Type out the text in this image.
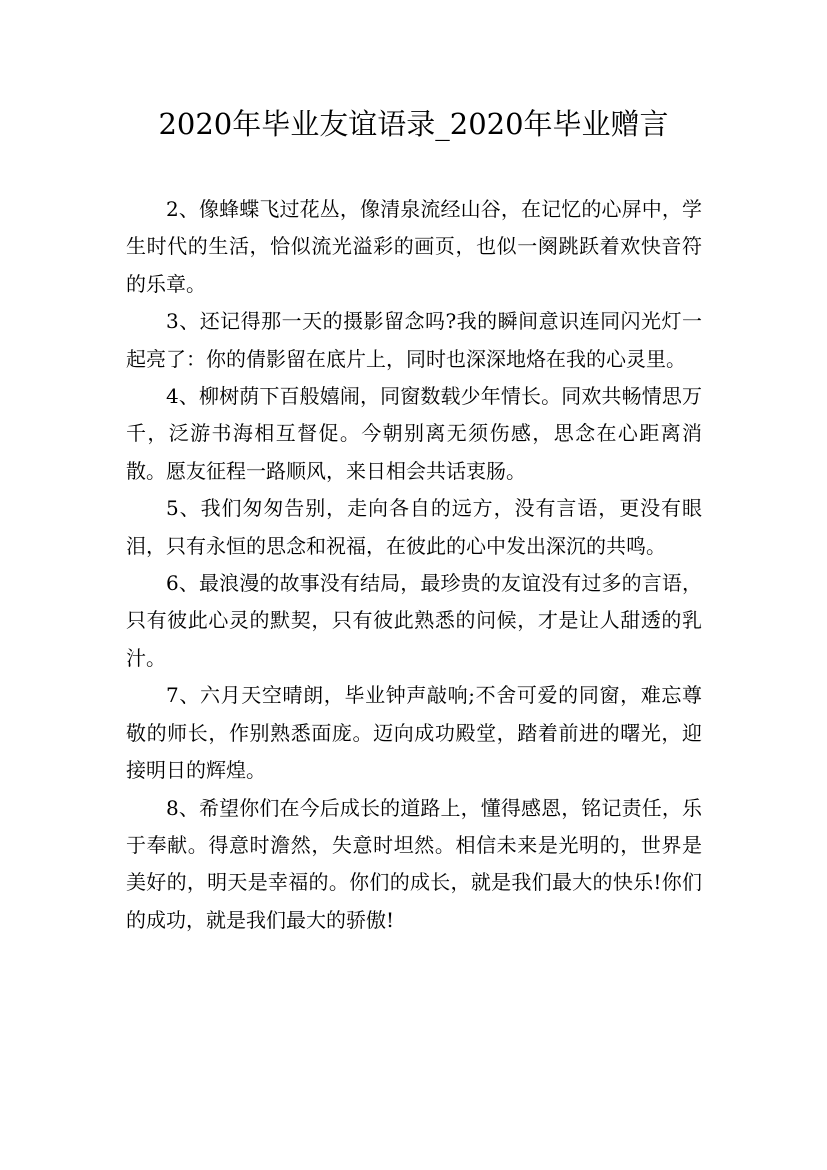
2020年毕业友谊语录_2020年毕业赠言

2、像蜂蝶飞过花丛，像清泉流经山谷，在记忆的心屏中，学生时代的生活，恰似流光溢彩的画页，也似一阕跳跃着欢快音符的乐章。

3、还记得那一天的摄影留念吗?我的瞬间意识连同闪光灯一起亮了：你的倩影留在底片上，同时也深深地烙在我的心灵里。

4、柳树荫下百般嬉闹，同窗数载少年情长。同欢共畅情思万千，泛游书海相互督促。今朝别离无须伤感，思念在心距离消散。愿友征程一路顺风，来日相会共话衷肠。

5、我们匆匆告别，走向各自的远方，没有言语，更没有眼泪，只有永恒的思念和祝福，在彼此的心中发出深沉的共鸣。

6、最浪漫的故事没有结局，最珍贵的友谊没有过多的言语，只有彼此心灵的默契，只有彼此熟悉的问候，才是让人甜透的乳汁。

7、六月天空晴朗，毕业钟声敲响;不舍可爱的同窗，难忘尊敬的师长，作别熟悉面庞。迈向成功殿堂，踏着前进的曙光，迎接明日的辉煌。

8、希望你们在今后成长的道路上，懂得感恩，铭记责任，乐于奉献。得意时澹然，失意时坦然。相信未来是光明的，世界是美好的，明天是幸福的。你们的成长，就是我们最大的快乐!你们的成功，就是我们最大的骄傲!
